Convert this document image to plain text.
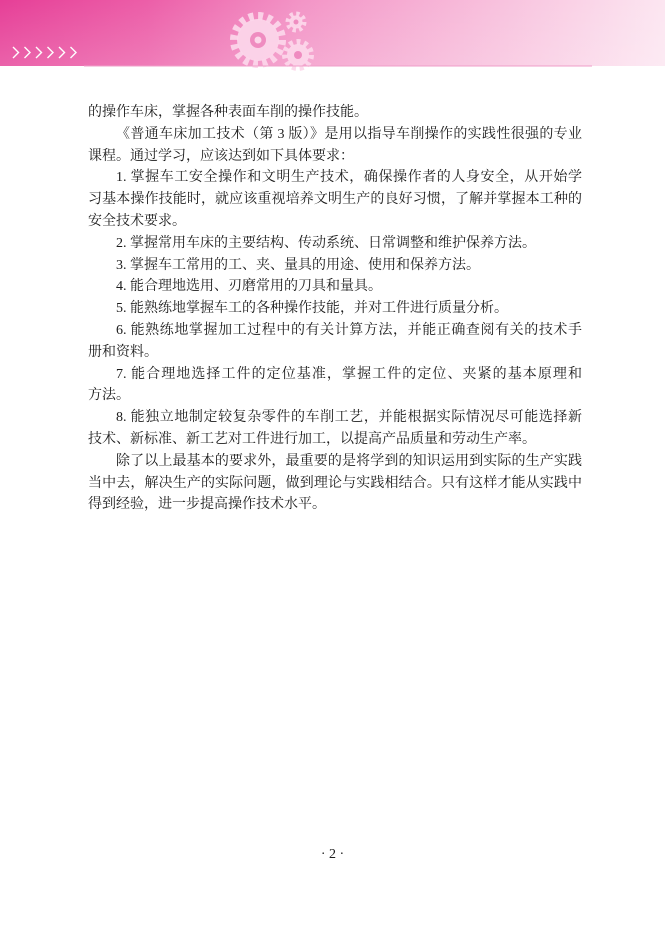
的操作车床，掌握各种表面车削的操作技能。
《普通车床加工技术（第 3 版）》是用以指导车削操作的实践性很强的专业
课程。通过学习，应该达到如下具体要求：
1. 掌握车工安全操作和文明生产技术，确保操作者的人身安全，从开始学
习基本操作技能时，就应该重视培养文明生产的良好习惯，了解并掌握本工种的
安全技术要求。
2. 掌握常用车床的主要结构、传动系统、日常调整和维护保养方法。
3. 掌握车工常用的工、夹、量具的用途、使用和保养方法。
4. 能合理地选用、刃磨常用的刀具和量具。
5. 能熟练地掌握车工的各种操作技能，并对工件进行质量分析。
6. 能熟练地掌握加工过程中的有关计算方法，并能正确查阅有关的技术手
册和资料。
7. 能合理地选择工件的定位基准，掌握工件的定位、夹紧的基本原理和
方法。
8. 能独立地制定较复杂零件的车削工艺，并能根据实际情况尽可能选择新
技术、新标准、新工艺对工件进行加工，以提高产品质量和劳动生产率。
除了以上最基本的要求外，最重要的是将学到的知识运用到实际的生产实践
当中去，解决生产的实际问题，做到理论与实践相结合。只有这样才能从实践中
得到经验，进一步提高操作技术水平。
· 2 ·
